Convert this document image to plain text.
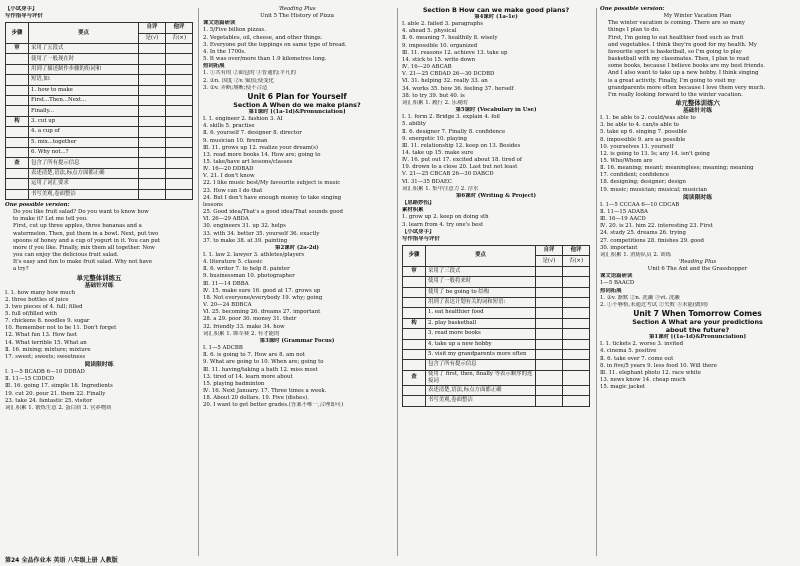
【小试身手】
写作指导与评价
步骤	要点	自评	他评
		是(√)	否(×)
审	采用了五段式		
	使用了一般现在时		
	用到了描述制作步骤的衔词和		
	短语,如:		
	1. how to make		
	First...Then...Next...		
	Finally...		
构	3. cut up		
	4. a cup of		
	5. mix...together		
	6. Why not...?		
查	包含了所有提示信息		
	表述清楚,语法,标点方面都正确		
	运用了词汇要求		
	书写美观,卷面整洁		
One possible version:
Do you like fruit salad? Do you want to know how
to make it? Let me tell you.
First, cut up three apples, three bananas and a
watermelon. Then, put them in a bowl. Next, put two
spoons of honey and a cup of yogurt in it. You can put
more if you like. Finally, mix them all together. Now
you can enjoy the delicious fruit salad.
It's easy and fun to make fruit salad. Why not have
a try?
单元整体训练五
基础针对练
Ⅰ. 1. how many how much
2. three bottles of juice
3. two pieces of 4. full; filled
5. full of/filled with
7. chickens 8. noodles 9. sugar
10. Remember not to be 11. Don't forget
12. What fun 13. How fast
14. What terrible 15. What an
Ⅱ. 16. mixing; mixture; mixture
17. sweet; sweets; sweetness
阅读限时练
Ⅰ. 1—5 BCADB 6—10 DDBAD
Ⅱ. 11—15 CDDCD
Ⅲ. 16. going 17. simple 18. Ingredients
19. cut 20. pour 21. them 22. Finally
23. take 24. fantastic 25. visitor
词汇积累 1. 锻炼生意 2. 蛋白质 3. 营养物质
第24 全品作业本 英语 八年级上册 人教版
'Reading Plus
Unit 5 The History of Pizza
课文语篇研读
1. 5/Five billion pizzas.
2. Vegetables, oil, cheese, and other things.
3. Everyone put the toppings on same type of bread.
4. In the 1700s.
5. It was over/more than 1.9 kilometres long.
热词拓展
1. ①共有的 ②面包的 ③普通的;平凡的
2. ①n. 国度 ②v. 赋值;使变化
3. ①v. 弄断;掰断;使不合适
Unit 6 Plan for Yourself
Section A When do we make plans?
第1课时 [(1a-1d)&Pronunciation]
Ⅰ. 1. engineer 2. fashion 3. AI
4. skills 5. practise
Ⅱ. 6. yourself 7. designer 8. director
9. musician 10. fireman
Ⅲ. 11. grows up 12. realize your dream(s)
13. read more books 14. How are; going to
15. take/have art lessons/classes
Ⅳ. 16—20 DDBAD
Ⅴ. 21. I don't know
22. I like music best/My favourite subject is music
23. How can I do that
24. But I don't have enough money to take singing
lessons
25. Good idea/That's a good idea/That sounds good
Ⅵ. 26—29 ABDA
30. engineers 31. up 32. helps
33. with 34. better 35. yourself 36. exactly
37. to make 38. at 39. painting
第2课时 (2a-2d)
Ⅰ. 1. law 2. lawyer 3. athletes/players
4. literature 5. classic
Ⅱ. 6. writer 7. to help 8. painter
9. businessman 10. photographer
Ⅲ. 11—14 DBBA
Ⅳ. 15. make sure 16. good at 17. grows up
18. Not everyone/everybody 19. why; going
Ⅴ. 20—24 BDBCA
Ⅵ. 25. becoming 26. dreams 27. important
28. a 29. poor 30. money 31. their
32. friendly 33. make 34. how
词汇积累 1. 绑军赛 2. 有才能的
第3课时 (Grammar Focus)
Ⅰ. 1—5 ADCBB
Ⅱ. 6. is going to 7. How are 8. am not
9. What are going to 10. When are; going to
Ⅲ. 11. having/taking a bath 12. miss most
13. tired of 14. learn more about
15. playing badminton
Ⅳ. 16. Next January. 17. Three times a week.
18. About 20 dollars. 19. Five (dishes).
20. I want to get better grades.(答案不唯一,合理即可)
Section B How can we make good plans?
第4课时 (1a-1e)
Ⅰ. able 2. failed 3. paragraphs
4. ahead 5. physical
Ⅱ. 6. meaning 7. healthily 8. wisely
9. impossible 10. organized
Ⅲ. 11. reasons 12. achieve 13. take up
14. stick to 15. write down
Ⅳ. 16—20 ABCAB
Ⅴ. 21—25 CBDAD 26—30 DCDBD
Ⅵ. 31. helping 32. really 33. an
34. works 35. how 36. feeling 37. herself
38. to try 39. but 40. is
词汇积累 1. 履行 2. 乐观的
第5课时 (Vocabulary in Use)
Ⅰ. 1. form 2. Bridge 3. explain 4. foil
5. ability
Ⅱ. 6. designer 7. Finally 8. confidence
9. energetic 10. playing
Ⅲ. 11. relationship 12. keep on 13. Besides
14. take up 15. make sure
Ⅳ. 16. put out 17. excited about 18. tired of
19. drown to a close 20. Last but not least
Ⅴ. 21—25 CBCAB 26—30 DABCD
Ⅵ. 31—35 BDAEC
词汇积累 1. 集中注意力 2. 浮水
第6课时 (Writing & Project)
【思路妙招】
素材积累
1. grow up 2. keep on doing sth
3. learn from 4. try one's best
【小试身手】
写作指导与评价
步骤	要点	自评	他评
		是(√)	否(×)
审	采用了三段式		
	使用了一般将来时		
	使用了 be going to 结构		
	用到了表达计划有关的词和短语:		
	1. eat healthier food		
构	2. play basketball		
	3. read more books		
	4. take up a new hobby		
	5. visit my grandparents more often		
	包含了所有提示信息		
查	使用了 first, then, finally 等表示顺序的连接词		
	表述清楚,语法,标点方面都正确		
	书写美观,卷面整洁		
One possible version:
My Winter Vacation Plan
The winter vacation is coming. There are so many
things I plan to do.
First, I'm going to eat healthier food such as fruit
and vegetables. I think they're good for my health. My
favourite sport is basketball, so I'm going to play
basketball with my classmates. Then, I plan to read
some books, because I believe books are my best friends.
And I also want to take up a new hobby. I think singing
is a great activity. Finally, I'm going to visit my
grandparents more often because I love them very much.
I'm really looking forward to the winter vacation.
单元整体训练六
基础针对练
Ⅰ. 1. be able to 2. could/was able to
3. be able to 4. can/is able to
5. take up 6. singing 7. possible
8. impossible 9. are as possible
10. yourselves 11. yourself
12. is going to 13. Is; any 14. isn't going
15. Who/Whom are
Ⅱ. 16. meaning; meant; meaningless; meaning; meaning
17. confident; confidence
18. designing; designer; design
19. music; musician; musical; musician
阅读限时练
Ⅰ. 1—5 CCCAA 6—10 CDCAB
Ⅱ. 11—15 ADABA
Ⅲ. 16—19 AACD
Ⅳ. 20. is 21. him 22. interesting 23. First
24. study 25. dreams 26. trying
27. competitions 28. finishes 29. good
30. important
词汇积累 1. 消防队员 2. 训练
'Reading Plus
Unit 6 The Ant and the Grasshopper
课文语篇研读
1—5 BAACD
热词拓展
1. ①v. 渐默 ②n. 洗濑 ③vt. 洗濑
2. ①不够格,未通过考试 ②失败 ③未能(做到)
Unit 7 When Tomorrow Comes
Section A What are your predictions
about the future?
第1课时 [(1a-1d)&Pronunciation]
Ⅰ. 1. tickets 2. worse 3. invited
4. cinema 5. positive
Ⅱ. 6. take over 7. come out
8. in five/5 years 9. less food 10. Will there
Ⅲ. 11. elephant photo 12. race white
13. news know 14. cheap much
15. magic jacket
